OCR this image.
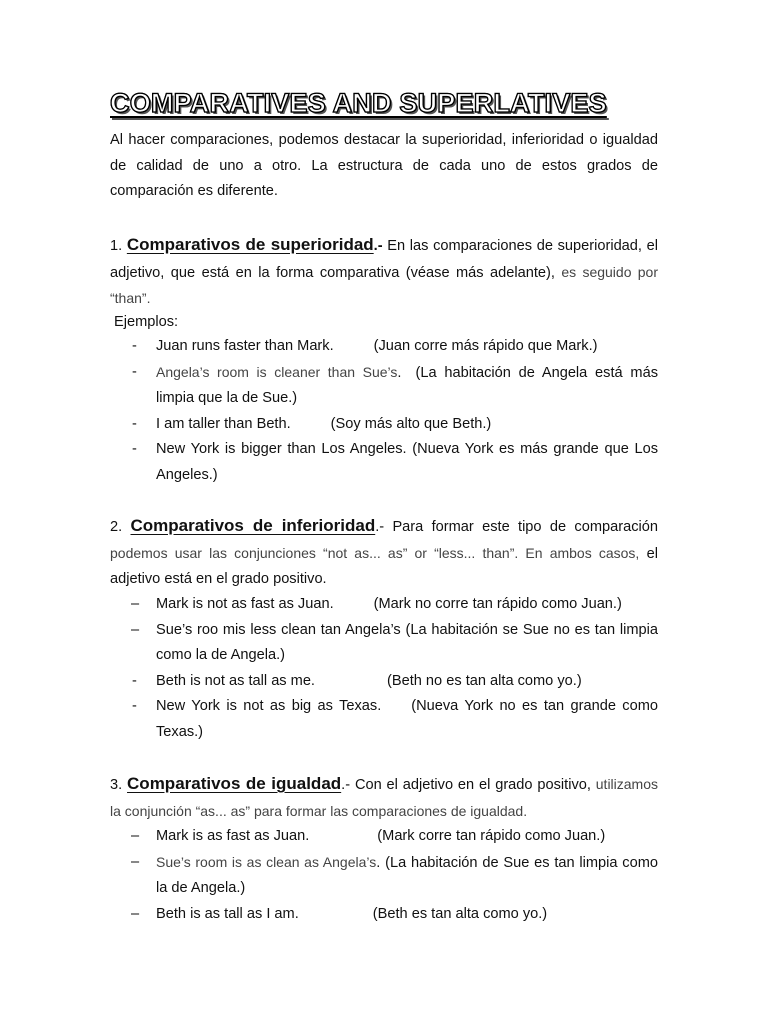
COMPARATIVES AND SUPERLATIVES

Al hacer comparaciones, podemos destacar la superioridad, inferioridad o igualdad de calidad de uno a otro. La estructura de cada uno de estos grados de comparación es diferente.

1. Comparativos de superioridad.- En las comparaciones de superioridad, el adjetivo, que está en la forma comparativa (véase más adelante), es seguido por “than”.

Ejemplos:

- Juan runs faster than Mark.	(Juan corre más rápido que Mark.)
- Angela’s room is cleaner than Sue’s. (La habitación de Angela está más limpia que la de Sue.)
- I am taller than Beth.	(Soy más alto que Beth.)
- New York is bigger than Los Angeles. (Nueva York es más grande que Los Angeles.)

2. Comparativos de inferioridad.- Para formar este tipo de comparación podemos usar las conjunciones “not as... as” or “less... than”. En ambos casos, el adjetivo está en el grado positivo.

– Mark is not as fast as Juan.	(Mark no corre tan rápido como Juan.)
– Sue’s roo mis less clean tan Angela’s (La habitación se Sue no es tan limpia como la de Angela.)
- Beth is not as tall as me.	(Beth no es tan alta como yo.)
- New York is not as big as Texas. (Nueva York no es tan grande como Texas.)

3. Comparativos de igualdad.- Con el adjetivo en el grado positivo, utilizamos la conjunción “as... as” para formar las comparaciones de igualdad.

– Mark is as fast as Juan.	(Mark corre tan rápido como Juan.)
– Sue’s room is as clean as Angela’s. (La habitación de Sue es tan limpia como la de Angela.)
– Beth is as tall as I am.	(Beth es tan alta como yo.)
